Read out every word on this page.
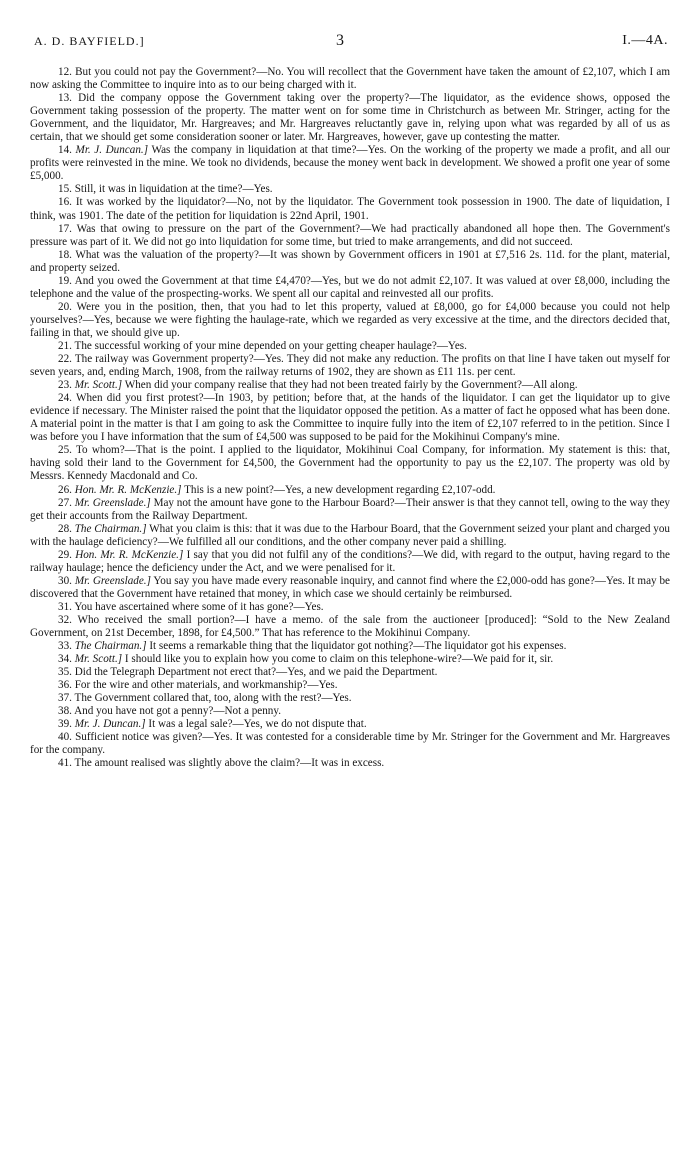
A. D. BAYFIELD.]	3	I.—4A.

12. But you could not pay the Government?—No. You will recollect that the Government have taken the amount of £2,107, which I am now asking the Committee to inquire into as to our being charged with it.

13. Did the company oppose the Government taking over the property?—The liquidator, as the evidence shows, opposed the Government taking possession of the property. The matter went on for some time in Christchurch as between Mr. Stringer, acting for the Government, and the liquidator, Mr. Hargreaves; and Mr. Hargreaves reluctantly gave in, relying upon what was regarded by all of us as certain, that we should get some consideration sooner or later. Mr. Hargreaves, however, gave up contesting the matter.

14. Mr. J. Duncan.] Was the company in liquidation at that time?—Yes. On the working of the property we made a profit, and all our profits were reinvested in the mine. We took no dividends, because the money went back in development. We showed a profit one year of some £5,000.

15. Still, it was in liquidation at the time?—Yes.

16. It was worked by the liquidator?—No, not by the liquidator. The Government took possession in 1900. The date of liquidation, I think, was 1901. The date of the petition for liquidation is 22nd April, 1901.

17. Was that owing to pressure on the part of the Government?—We had practically abandoned all hope then. The Government's pressure was part of it. We did not go into liquidation for some time, but tried to make arrangements, and did not succeed.

18. What was the valuation of the property?—It was shown by Government officers in 1901 at £7,516 2s. 11d. for the plant, material, and property seized.

19. And you owed the Government at that time £4,470?—Yes, but we do not admit £2,107. It was valued at over £8,000, including the telephone and the value of the prospecting-works. We spent all our capital and reinvested all our profits.

20. Were you in the position, then, that you had to let this property, valued at £8,000, go for £4,000 because you could not help yourselves?—Yes, because we were fighting the haulage-rate, which we regarded as very excessive at the time, and the directors decided that, failing in that, we should give up.

21. The successful working of your mine depended on your getting cheaper haulage?—Yes.

22. The railway was Government property?—Yes. They did not make any reduction. The profits on that line I have taken out myself for seven years, and, ending March, 1908, from the railway returns of 1902, they are shown as £11 11s. per cent.

23. Mr. Scott.] When did your company realise that they had not been treated fairly by the Government?—All along.

24. When did you first protest?—In 1903, by petition; before that, at the hands of the liquidator. I can get the liquidator up to give evidence if necessary. The Minister raised the point that the liquidator opposed the petition. As a matter of fact he opposed what has been done. A material point in the matter is that I am going to ask the Committee to inquire fully into the item of £2,107 referred to in the petition. Since I was before you I have information that the sum of £4,500 was supposed to be paid for the Mokihinui Company's mine.

25. To whom?—That is the point. I applied to the liquidator, Mokihinui Coal Company, for information. My statement is this: that, having sold their land to the Government for £4,500, the Government had the opportunity to pay us the £2,107. The property was old by Messrs. Kennedy Macdonald and Co.

26. Hon. Mr. R. McKenzie.] This is a new point?—Yes, a new development regarding £2,107-odd.

27. Mr. Greenslade.] May not the amount have gone to the Harbour Board?—Their answer is that they cannot tell, owing to the way they get their accounts from the Railway Department.

28. The Chairman.] What you claim is this: that it was due to the Harbour Board, that the Government seized your plant and charged you with the haulage deficiency?—We fulfilled all our conditions, and the other company never paid a shilling.

29. Hon. Mr. R. McKenzie.] I say that you did not fulfil any of the conditions?—We did, with regard to the output, having regard to the railway haulage; hence the deficiency under the Act, and we were penalised for it.

30. Mr. Greenslade.] You say you have made every reasonable inquiry, and cannot find where the £2,000-odd has gone?—Yes. It may be discovered that the Government have retained that money, in which case we should certainly be reimbursed.

31. You have ascertained where some of it has gone?—Yes.

32. Who received the small portion?—I have a memo. of the sale from the auctioneer [produced]: “Sold to the New Zealand Government, on 21st December, 1898, for £4,500.” That has reference to the Mokihinui Company.

33. The Chairman.] It seems a remarkable thing that the liquidator got nothing?—The liquidator got his expenses.

34. Mr. Scott.] I should like you to explain how you come to claim on this telephone-wire?—We paid for it, sir.

35. Did the Telegraph Department not erect that?—Yes, and we paid the Department.

36. For the wire and other materials, and workmanship?—Yes.

37. The Government collared that, too, along with the rest?—Yes.

38. And you have not got a penny?—Not a penny.

39. Mr. J. Duncan.] It was a legal sale?—Yes, we do not dispute that.

40. Sufficient notice was given?—Yes. It was contested for a considerable time by Mr. Stringer for the Government and Mr. Hargreaves for the company.

41. The amount realised was slightly above the claim?—It was in excess.
